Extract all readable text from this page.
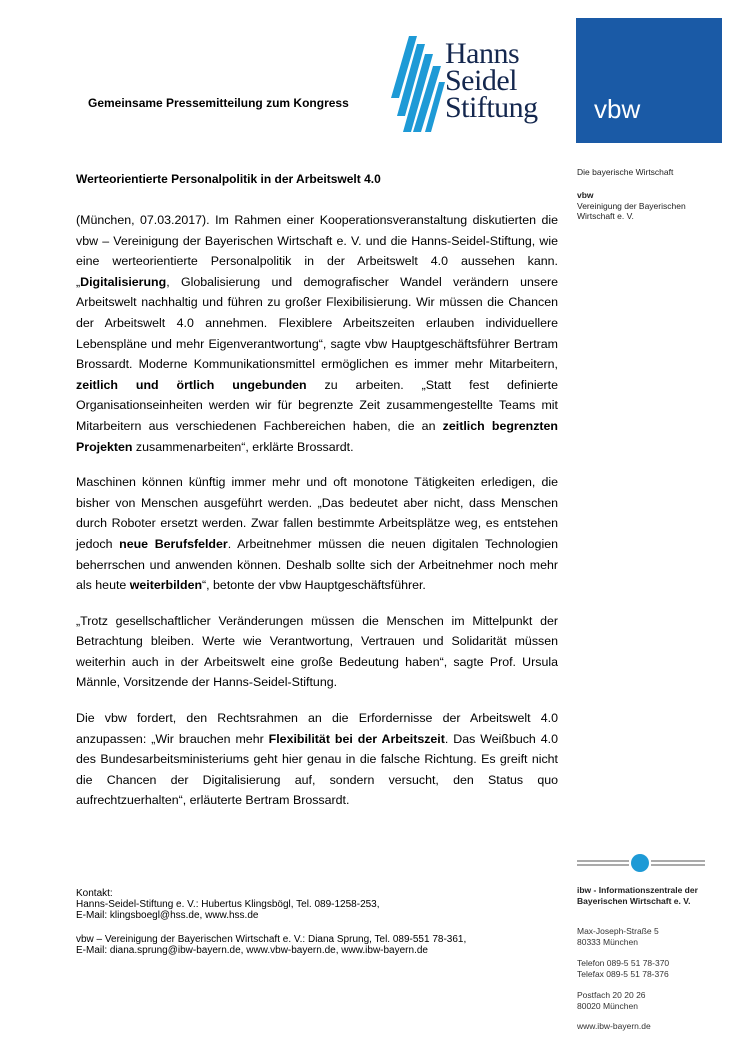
Gemeinsame Pressemitteilung zum Kongress
Hanns
Seidel
Stiftung vbw
Die bayerische Wirtschaft
vbw
Vereinigung der Bayerischen Wirtschaft e. V.
Werteorientierte Personalpolitik in der Arbeitswelt 4.0

(München, 07.03.2017). Im Rahmen einer Kooperationsveranstaltung diskutierten die vbw – Vereinigung der Bayerischen Wirtschaft e. V. und die Hanns-Seidel-Stiftung, wie eine werteorientierte Personalpolitik in der Arbeitswelt 4.0 aussehen kann. „Digitalisierung, Globalisierung und demografischer Wandel verändern unsere Arbeitswelt nachhaltig und führen zu großer Flexibilisierung. Wir müssen die Chancen der Arbeitswelt 4.0 annehmen. Flexiblere Arbeitszeiten erlauben individuellere Lebenspläne und mehr Eigenverantwortung“, sagte vbw Hauptgeschäftsführer Bertram Brossardt. Moderne Kommunikationsmittel ermöglichen es immer mehr Mitarbeitern, zeitlich und örtlich ungebunden zu arbeiten. „Statt fest definierte Organisationseinheiten werden wir für begrenzte Zeit zusammengestellte Teams mit Mitarbeitern aus verschiedenen Fachbereichen haben, die an zeitlich begrenzten Projekten zusammenarbeiten“, erklärte Brossardt.

Maschinen können künftig immer mehr und oft monotone Tätigkeiten erledigen, die bisher von Menschen ausgeführt werden. „Das bedeutet aber nicht, dass Menschen durch Roboter ersetzt werden. Zwar fallen bestimmte Arbeitsplätze weg, es entstehen jedoch neue Berufsfelder. Arbeitnehmer müssen die neuen digitalen Technologien beherrschen und anwenden können. Deshalb sollte sich der Arbeitnehmer noch mehr als heute weiterbilden“, betonte der vbw Hauptgeschäftsführer.

„Trotz gesellschaftlicher Veränderungen müssen die Menschen im Mittelpunkt der Betrachtung bleiben. Werte wie Verantwortung, Vertrauen und Solidarität müssen weiterhin auch in der Arbeitswelt eine große Bedeutung haben“, sagte Prof. Ursula Männle, Vorsitzende der Hanns-Seidel-Stiftung.

Die vbw fordert, den Rechtsrahmen an die Erfordernisse der Arbeitswelt 4.0 anzupassen: „Wir brauchen mehr Flexibilität bei der Arbeitszeit. Das Weißbuch 4.0 des Bundesarbeitsministeriums geht hier genau in die falsche Richtung. Es greift nicht die Chancen der Digitalisierung auf, sondern versucht, den Status quo aufrechtzuerhalten“, erläuterte Bertram Brossardt.

Kontakt:
Hanns-Seidel-Stiftung e. V.: Hubertus Klingsbögl, Tel. 089-1258-253,
E-Mail: klingsboegl@hss.de, www.hss.de
vbw – Vereinigung der Bayerischen Wirtschaft e. V.: Diana Sprung, Tel. 089-551 78-361,
E-Mail: diana.sprung@ibw-bayern.de, www.vbw-bayern.de, www.ibw-bayern.de
ibw - Informationszentrale der
Bayerischen Wirtschaft e. V.
Max-Joseph-Straße 5
80333 München
Telefon 089-5 51 78-370
Telefax 089-5 51 78-376
Postfach 20 20 26
80020 München
www.ibw-bayern.de
